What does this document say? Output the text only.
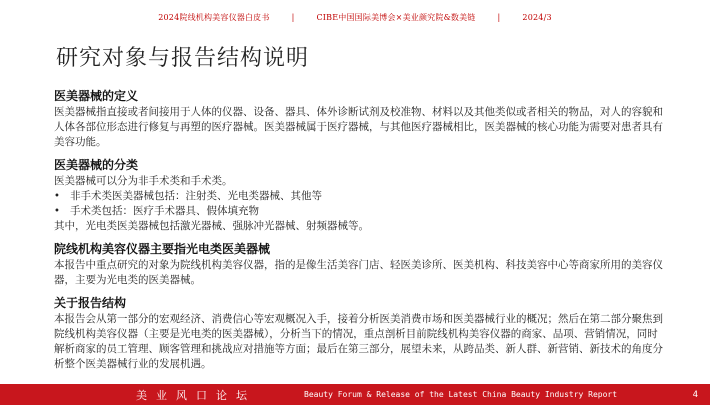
2024院线机构美容仪器白皮书	|	CIBE中国国际美博会×美业颜究院&数美链	|	2024/3
研究对象与报告结构说明
医美器械的定义

医美器械指直接或者间接用于人体的仪器、设备、器具、体外诊断试剂及校准物、材料以及其他类似或者相关的物品，对人的容貌和人体各部位形态进行修复与再塑的医疗器械。医美器械属于医疗器械，与其他医疗器械相比，医美器械的核心功能为需要对患者具有美容功能。

医美器械的分类

医美器械可以分为非手术类和手术类。

• 非手术类医美器械包括：注射类、光电类器械、其他等
• 手术类包括：医疗手术器具、假体填充物

其中，光电类医美器械包括激光器械、强脉冲光器械、射频器械等。

院线机构美容仪器主要指光电类医美器械

本报告中重点研究的对象为院线机构美容仪器，指的是像生活美容门店、轻医美诊所、医美机构、科技美容中心等商家所用的美容仪器，主要为光电类的医美器械。

关于报告结构

本报告会从第一部分的宏观经济、消费信心等宏观概况入手，接着分析医美消费市场和医美器械行业的概况；然后在第二部分聚焦到院线机构美容仪器（主要是光电类的医美器械），分析当下的情况，重点剖析目前院线机构美容仪器的商家、品项、营销情况，同时解析商家的员工管理、顾客管理和挑战应对措施等方面；最后在第三部分，展望未来，从跨品类、新人群、新营销、新技术的角度分析整个医美器械行业的发展机遇。

美业风口论坛	Beauty Forum & Release of the Latest China Beauty Industry Report	4
